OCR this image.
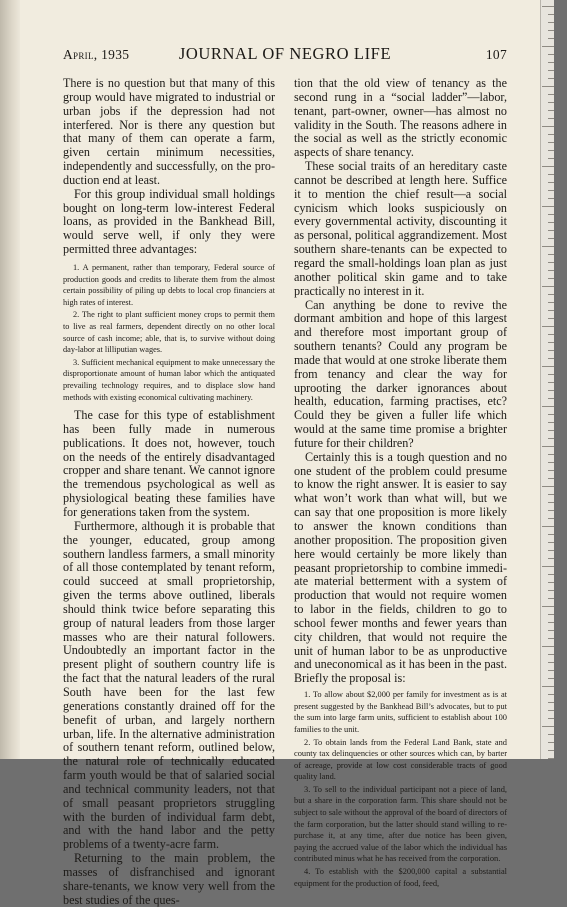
April, 1935	JOURNAL OF NEGRO LIFE	107

There is no question but that many of this group would have migrated to industrial or urban jobs if the depression had not interfered. Nor is there any question but that many of them can operate a farm, given certain minimum necessities, independently and successfully, on the production end at least.

For this group individual small holdings bought on long-term low-interest Federal loans, as provided in the Bankhead Bill, would serve well, if only they were permitted three advantages:

1. A permanent, rather than temporary, Federal source of production goods and credits to liberate them from the almost certain possibility of piling up debts to local crop financiers at high rates of interest.

2. The right to plant sufficient money crops to permit them to live as real farmers, dependent directly on no other local source of cash income; able, that is, to survive without doing day-labor at lilliputian wages.

3. Sufficient mechanical equipment to make unnecessary the disproportionate amount of human labor which the antiquated prevailing technology requires, and to displace slow hand methods with existing economical cultivating machinery.

The case for this type of establishment has been fully made in numerous publications. It does not, however, touch on the needs of the entirely disadvantaged cropper and share tenant. We cannot ignore the tremendous psychological as well as physiological beating these families have for generations taken from the system.

Furthermore, although it is probable that the younger, educated, group among southern landless farmers, a small minority of all those contemplated by tenant reform, could succeed at small proprietorship, given the terms above outlined, liberals should think twice before separating this group of natural leaders from those larger masses who are their natural followers. Undoubtedly an important factor in the present plight of southern country life is the fact that the natural leaders of the rural South have been for the last few generations constantly drained off for the benefit of urban, and largely northern urban, life. In the alternative administration of southern tenant reform, outlined below, the natural role of technically educated farm youth would be that of salaried social and technical community leaders, not that of small peasant proprietors struggling with the burden of individual farm debt, and with the hand labor and the petty problems of a twenty-acre farm.

Returning to the main problem, the masses of disfranchised and ignorant share-tenants, we know very well from the best studies of the ques-

tion that the old view of tenancy as the second rung in a “social ladder”—labor, tenant, part-owner, owner—has almost no validity in the South. The reasons adhere in the social as well as the strictly economic aspects of share tenancy.

These social traits of an hereditary caste cannot be described at length here. Suffice it to mention the chief result—a social cynicism which looks suspiciously on every governmental activity, discounting it as personal, political aggrandizement. Most southern share-tenants can be expected to regard the small-holdings loan plan as just another political skin game and to take practically no interest in it.

Can anything be done to revive the dormant ambition and hope of this largest and therefore most important group of southern tenants? Could any program be made that would at one stroke liberate them from tenancy and clear the way for uprooting the darker ignorances about health, education, farming practises, etc? Could they be given a fuller life which would at the same time promise a brighter future for their children?

Certainly this is a tough question and no one student of the problem could presume to know the right answer. It is easier to say what won’t work than what will, but we can say that one proposition is more likely to answer the known conditions than another proposition. The proposition given here would certainly be more likely than peasant proprietorship to combine immediate material betterment with a system of production that would not require women to labor in the fields, children to go to school fewer months and fewer years than city children, that would not require the unit of human labor to be as unproductive and uneconomical as it has been in the past. Briefly the proposal is:

1. To allow about $2,000 per family for investment as is at present suggested by the Bankhead Bill’s advocates, but to put the sum into large farm units, sufficient to establish about 100 families to the unit.

2. To obtain lands from the Federal Land Bank, state and county tax delinquencies or other sources which can, by barter of acreage, provide at low cost considerable tracts of good quality land.

3. To sell to the individual participant not a piece of land, but a share in the corporation farm. This share should not be subject to sale without the approval of the board of directors of the farm corporation, but the latter should stand willing to repurchase it, at any time, after due notice has been given, paying the accrued value of the labor which the individual has contributed minus what he has received from the corporation.

4. To establish with the $200,000 capital a substantial equipment for the production of food, feed,
